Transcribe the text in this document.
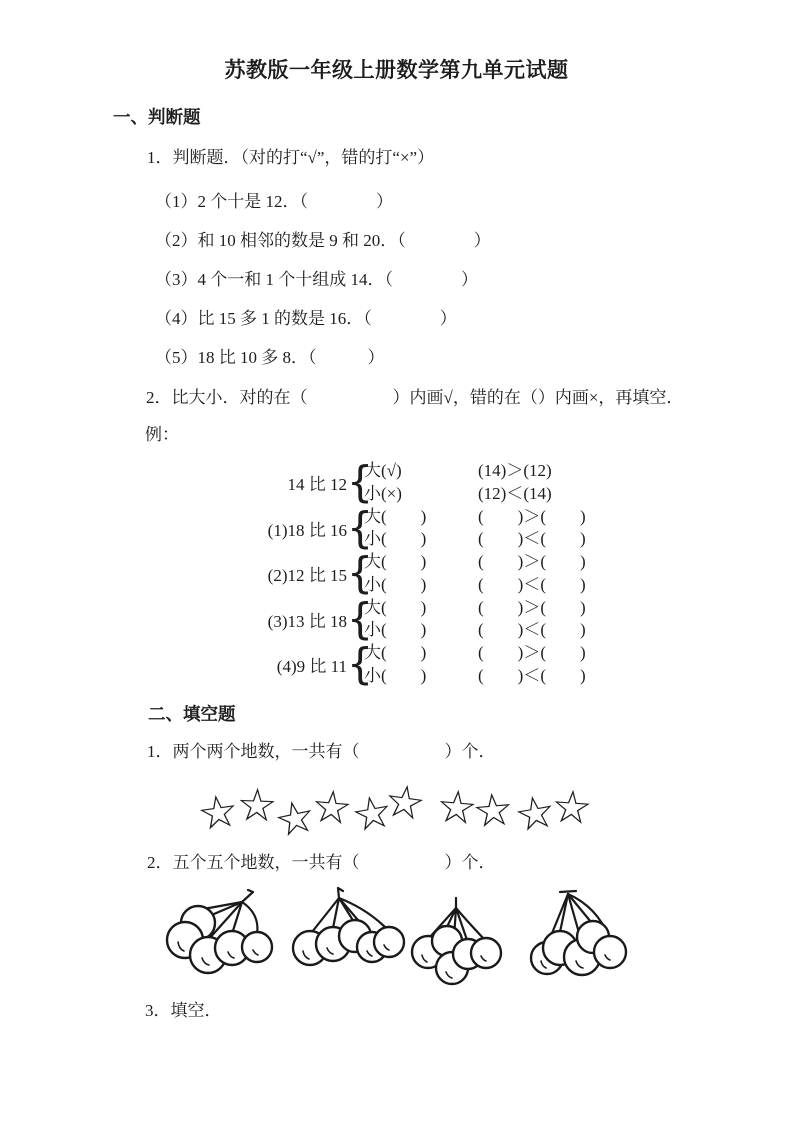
苏教版一年级上册数学第九单元试题
一、判断题
1．判断题．（对的打“√”，错的打“×”）
（1）2 个十是 12．（　　　　）
（2）和 10 相邻的数是 9 和 20．（　　　　）
（3）4 个一和 1 个十组成 14．（　　　　）
（4）比 15 多 1 的数是 16．（　　　　）
（5）18 比 10 多 8．（　　　）
2．比大小．对的在（　　　　　）内画√，错的在（）内画×，再填空．
例：
14 比 12 {
大(√)
小(×)
(14)＞(12)
(12)＜(14)
(1)18 比 16 {
大(　　)
小(　　)
(　　)＞(　　)
(　　)＜(　　)
(2)12 比 15 {
大(　　)
小(　　)
(　　)＞(　　)
(　　)＜(　　)
(3)13 比 18 {
大(　　)
小(　　)
(　　)＞(　　)
(　　)＜(　　)
(4)9 比 11 {
大(　　)
小(　　)
(　　)＞(　　)
(　　)＜(　　)
二、填空题
1．两个两个地数，一共有（　　　　　）个．
☆
☆
☆
☆
☆
☆ ☆
☆
☆
☆
2．五个五个地数，一共有（　　　　　）个．
3．填空．
